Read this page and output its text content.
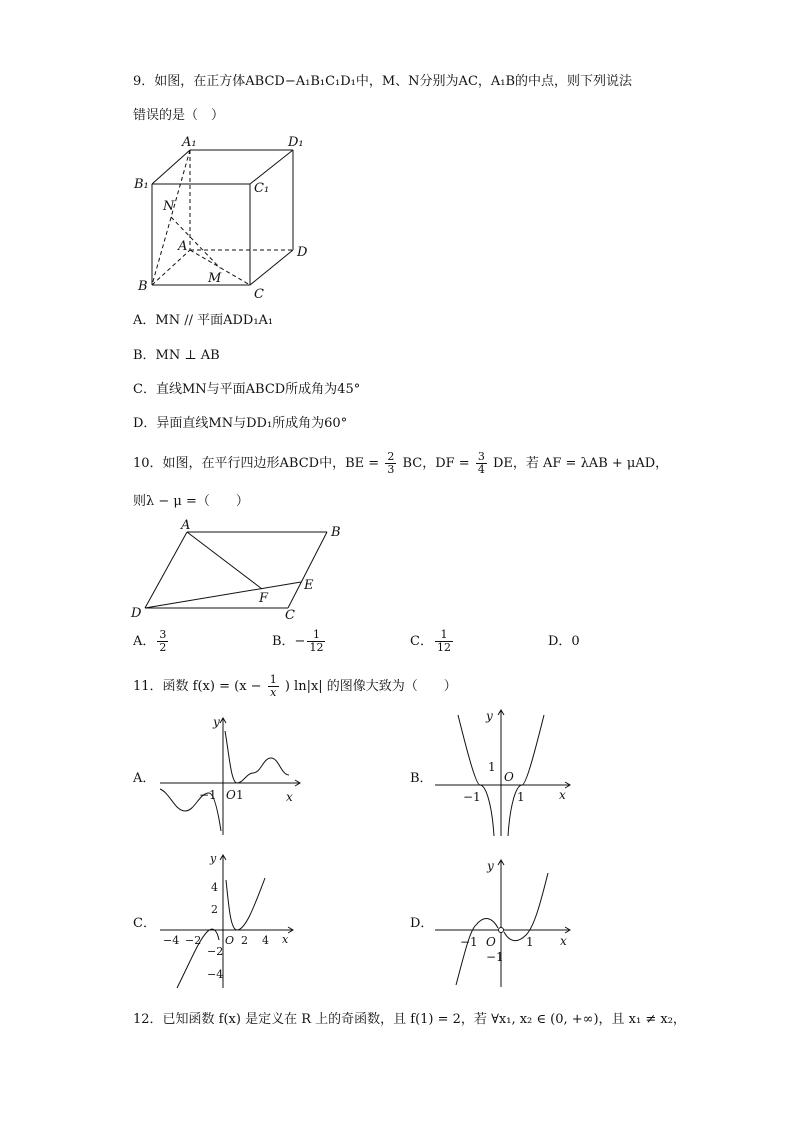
9．如图，在正方体ABCD−A₁B₁C₁D₁中，M、N分别为AC，A₁B的中点，则下列说法
错误的是（　）
A₁	D₁
B₁	C₁
N
A	D
M
B
C
A．MN // 平面ADD₁A₁
B．MN ⊥ AB
C．直线MN与平面ABCD所成角为45°
D．异面直线MN与DD₁所成角为60°
10．如图，在平行四边形ABCD中，BE = $\frac{2}{3}$ BC，DF = $\frac{3}{4}$ DE，若 AF = λAB + μAD，
则λ − μ =（　　）
A	B
E
F
D	C
A． $\frac{3}{2}$	B．− $\frac{1}{12}$	C． $\frac{1}{12}$	D．0
11．函数 $f(x) = (x - \frac{1}{x}$ ) ln|x| 的图像大致为（　　）
A．
y
−1 O 1	x
B．
y
1
O
−1	1	x
C．
y
4
2
−2
−4
−4 −2 O 2 4 x
D．
y
−1 O	1
−1
x
12．已知函数 f(x) 是定义在 R 上的奇函数，且 f(1) = 2，若 ∀x₁, x₂ ∈ (0, +∞)，且 x₁ ≠ x₂，
